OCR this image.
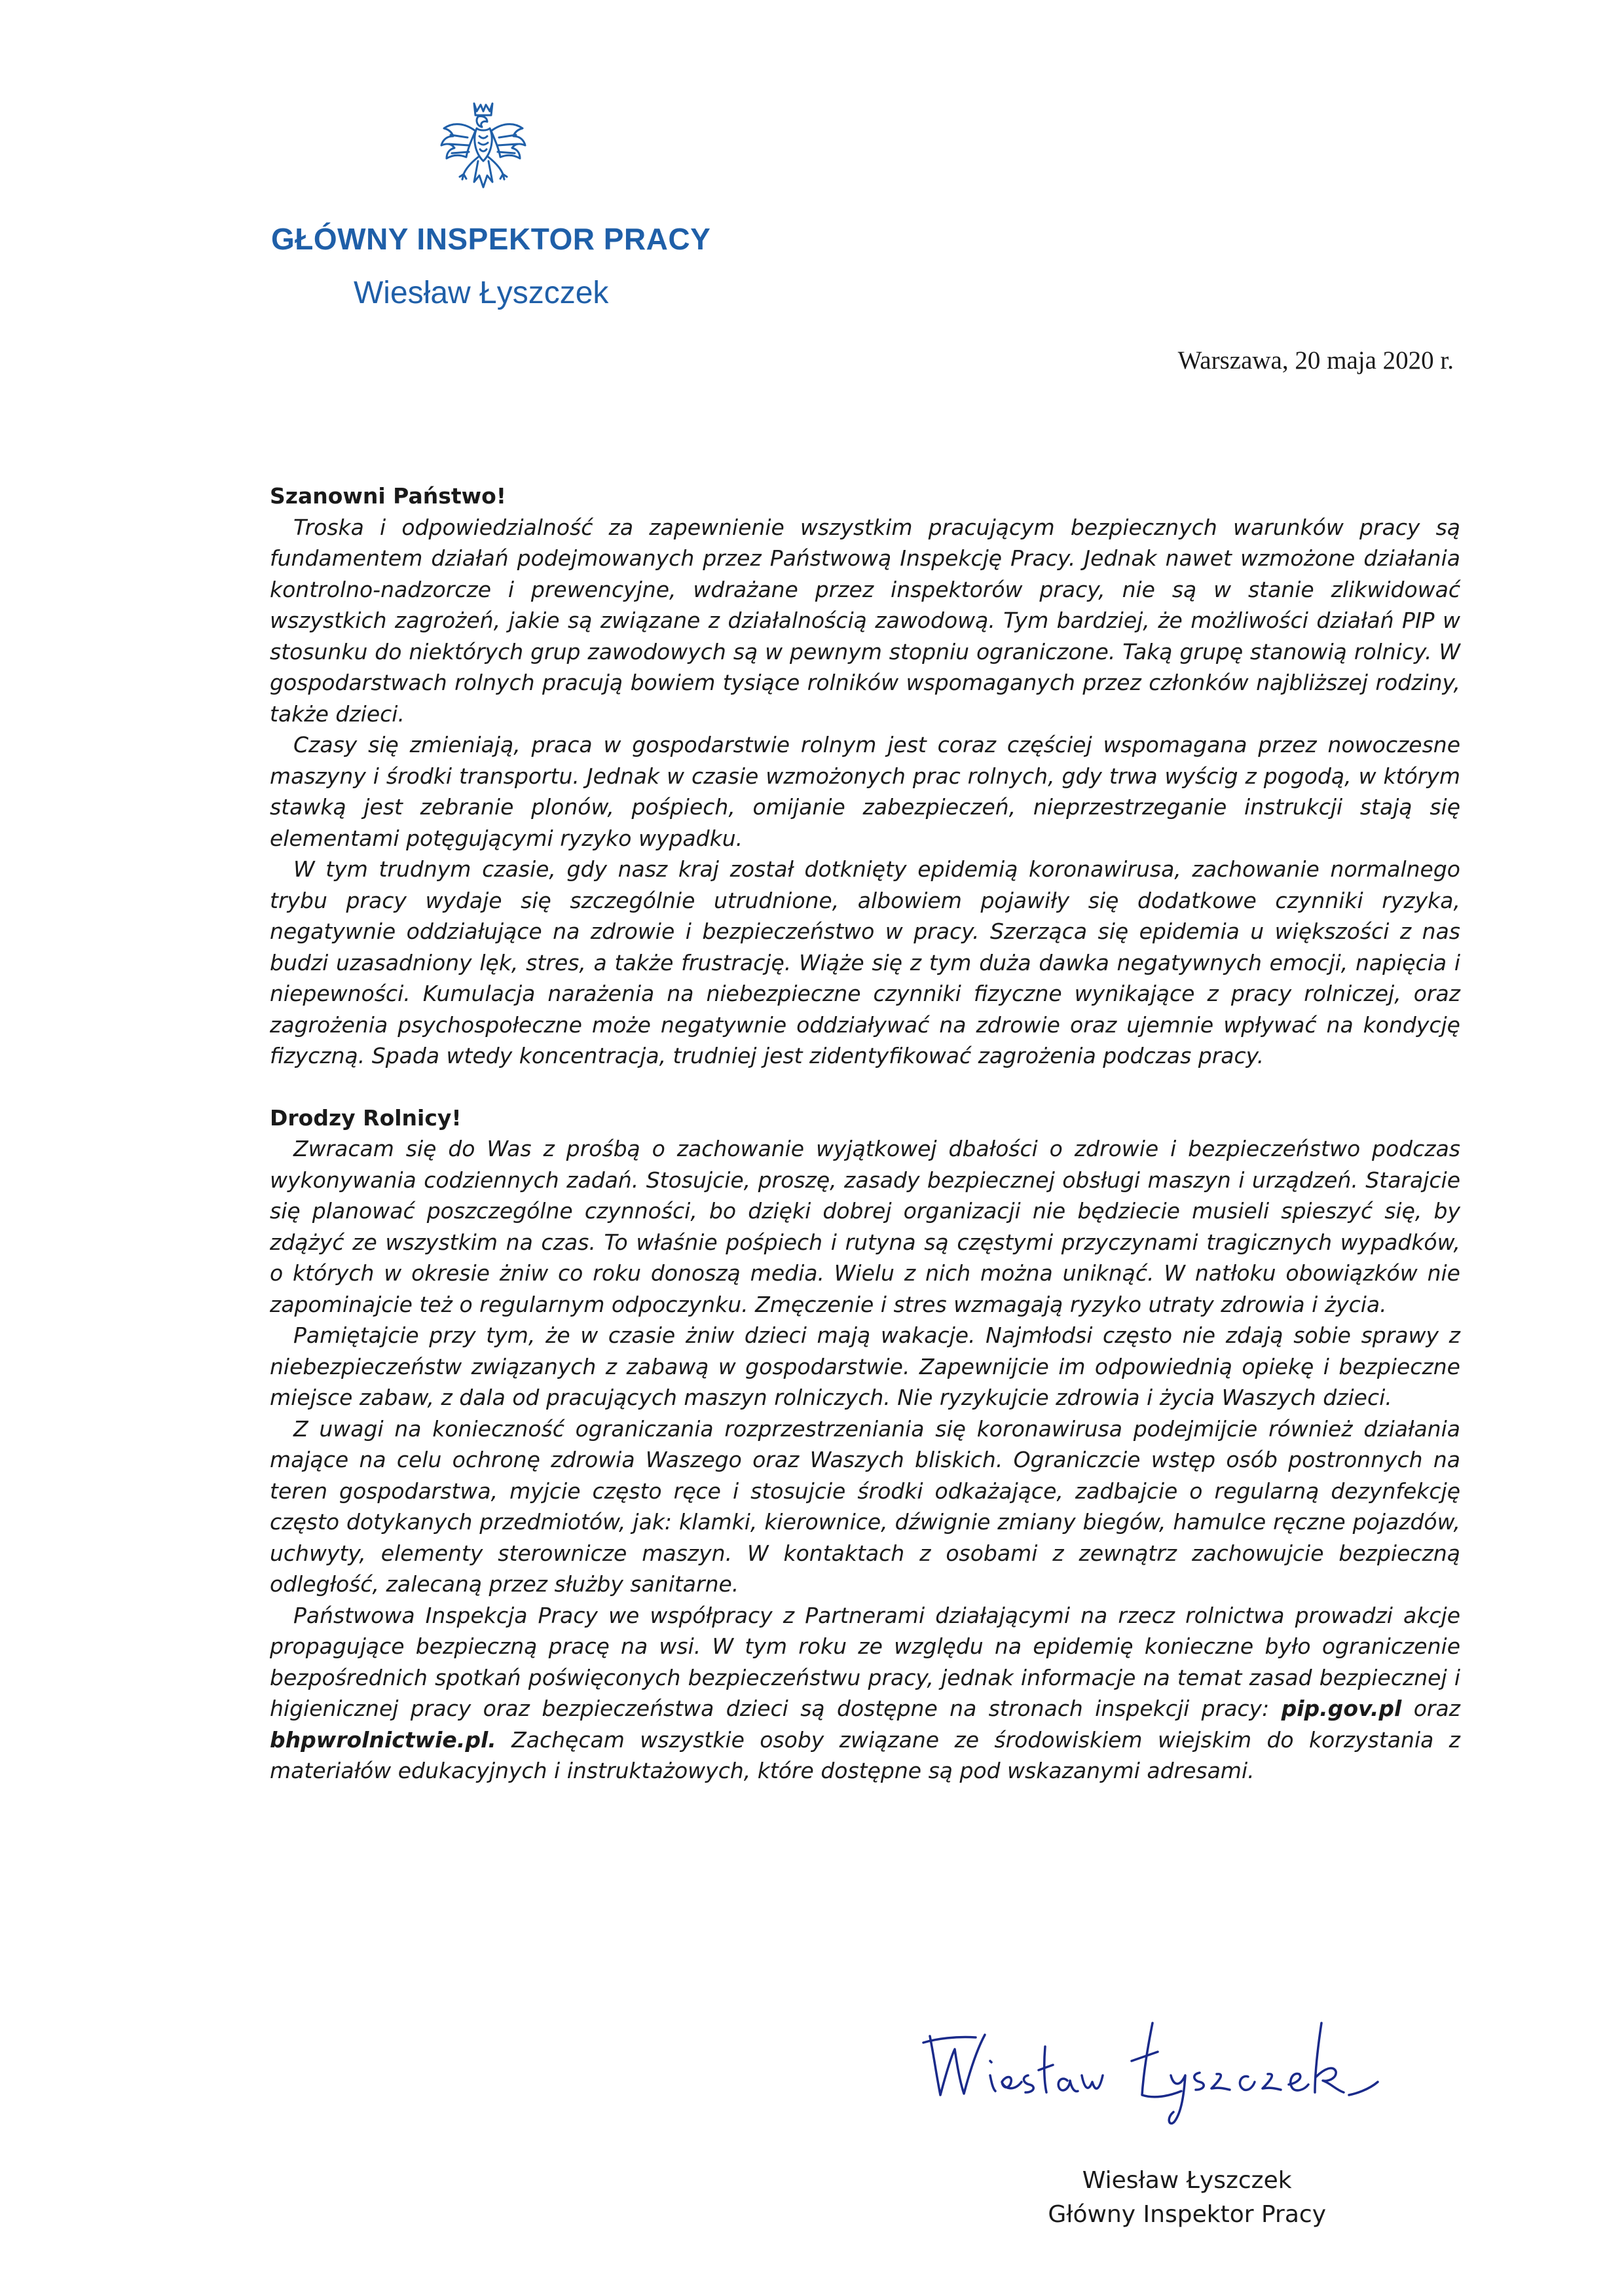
GŁÓWNY INSPEKTOR PRACY
Wiesław Łyszczek
Warszawa, 20 maja 2020 r.

Szanowni Państwo!

Troska i odpowiedzialność za zapewnienie wszystkim pracującym bezpiecznych warunków pracy są fundamentem działań podejmowanych przez Państwową Inspekcję Pracy. Jednak nawet wzmożone działania kontrolno-nadzorcze i prewencyjne, wdrażane przez inspektorów pracy, nie są w stanie zlikwidować wszystkich zagrożeń, jakie są związane z działalnością zawodową. Tym bardziej, że możliwości działań PIP w stosunku do niektórych grup zawodowych są w pewnym stopniu ograniczone. Taką grupę stanowią rolnicy. W gospodarstwach rolnych pracują bowiem tysiące rolników wspomaganych przez członków najbliższej rodziny, także dzieci.

Czasy się zmieniają, praca w gospodarstwie rolnym jest coraz częściej wspomagana przez nowoczesne maszyny i środki transportu. Jednak w czasie wzmożonych prac rolnych, gdy trwa wyścig z pogodą, w którym stawką jest zebranie plonów, pośpiech, omijanie zabezpieczeń, nieprzestrzeganie instrukcji stają się elementami potęgującymi ryzyko wypadku.

W tym trudnym czasie, gdy nasz kraj został dotknięty epidemią koronawirusa, zachowanie normalnego trybu pracy wydaje się szczególnie utrudnione, albowiem pojawiły się dodatkowe czynniki ryzyka, negatywnie oddziałujące na zdrowie i bezpieczeństwo w pracy. Szerząca się epidemia u większości z nas budzi uzasadniony lęk, stres, a także frustrację. Wiąże się z tym duża dawka negatywnych emocji, napięcia i niepewności. Kumulacja narażenia na niebezpieczne czynniki fizyczne wynikające z pracy rolniczej, oraz zagrożenia psychospołeczne może negatywnie oddziaływać na zdrowie oraz ujemnie wpływać na kondycję fizyczną. Spada wtedy koncentracja, trudniej jest zidentyfikować zagrożenia podczas pracy.

Drodzy Rolnicy!

Zwracam się do Was z prośbą o zachowanie wyjątkowej dbałości o zdrowie i bezpieczeństwo podczas wykonywania codziennych zadań. Stosujcie, proszę, zasady bezpiecznej obsługi maszyn i urządzeń. Starajcie się planować poszczególne czynności, bo dzięki dobrej organizacji nie będziecie musieli spieszyć się, by zdążyć ze wszystkim na czas. To właśnie pośpiech i rutyna są częstymi przyczynami tragicznych wypadków, o których w okresie żniw co roku donoszą media. Wielu z nich można uniknąć. W natłoku obowiązków nie zapominajcie też o regularnym odpoczynku. Zmęczenie i stres wzmagają ryzyko utraty zdrowia i życia.

Pamiętajcie przy tym, że w czasie żniw dzieci mają wakacje. Najmłodsi często nie zdają sobie sprawy z niebezpieczeństw związanych z zabawą w gospodarstwie. Zapewnijcie im odpowiednią opiekę i bezpieczne miejsce zabaw, z dala od pracujących maszyn rolniczych. Nie ryzykujcie zdrowia i życia Waszych dzieci.

Z uwagi na konieczność ograniczania rozprzestrzeniania się koronawirusa podejmijcie również działania mające na celu ochronę zdrowia Waszego oraz Waszych bliskich. Ograniczcie wstęp osób postronnych na teren gospodarstwa, myjcie często ręce i stosujcie środki odkażające, zadbajcie o regularną dezynfekcję często dotykanych przedmiotów, jak: klamki, kierownice, dźwignie zmiany biegów, hamulce ręczne pojazdów, uchwyty, elementy sterownicze maszyn. W kontaktach z osobami z zewnątrz zachowujcie bezpieczną odległość, zalecaną przez służby sanitarne.

Państwowa Inspekcja Pracy we współpracy z Partnerami działającymi na rzecz rolnictwa prowadzi akcje propagujące bezpieczną pracę na wsi. W tym roku ze względu na epidemię konieczne było ograniczenie bezpośrednich spotkań poświęconych bezpieczeństwu pracy, jednak informacje na temat zasad bezpiecznej i higienicznej pracy oraz bezpieczeństwa dzieci są dostępne na stronach inspekcji pracy: pip.gov.pl oraz bhpwrolnictwie.pl. Zachęcam wszystkie osoby związane ze środowiskiem wiejskim do korzystania z materiałów edukacyjnych i instruktażowych, które dostępne są pod wskazanymi adresami.

Wiesław Łyszczek
Główny Inspektor Pracy
